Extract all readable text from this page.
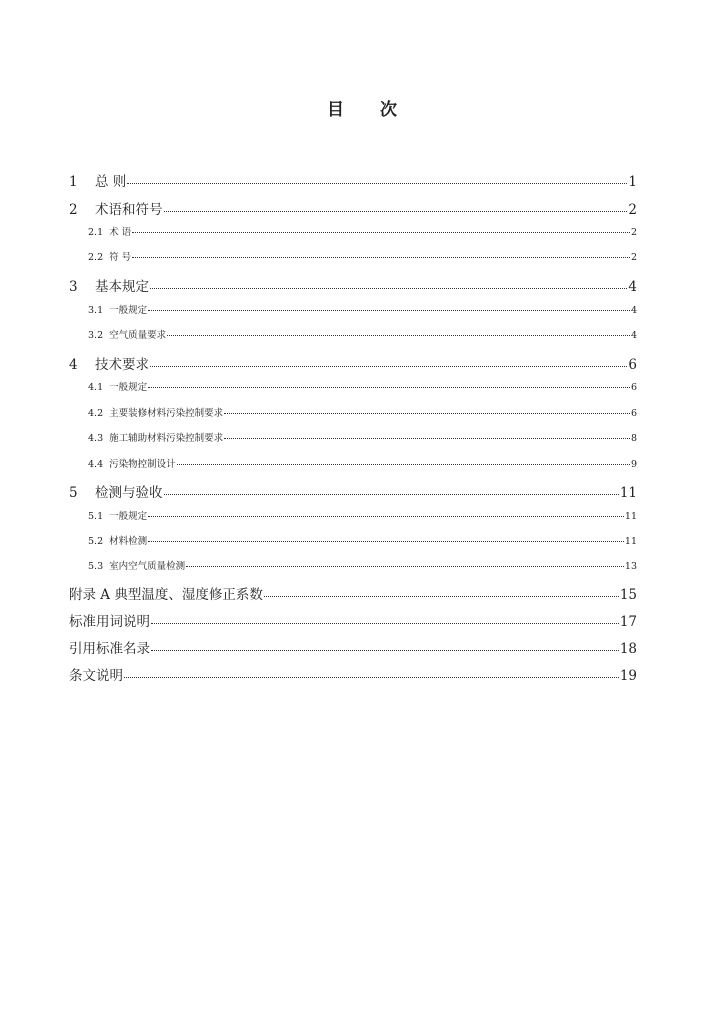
目 次
1	总 则	1
2	术语和符号	2
2.1 术 语	2
2.2 符 号	2
3	基本规定	4
3.1 一般规定	4
3.2 空气质量要求	4
4	技术要求	6
4.1 一般规定	6
4.2 主要装修材料污染控制要求	6
4.3 施工辅助材料污染控制要求	8
4.4 污染物控制设计	9
5	检测与验收	11
5.1 一般规定	11
5.2 材料检测	11
5.3 室内空气质量检测	13
附录 A 典型温度、湿度修正系数	15
标准用词说明	17
引用标准名录	18
条文说明	19
